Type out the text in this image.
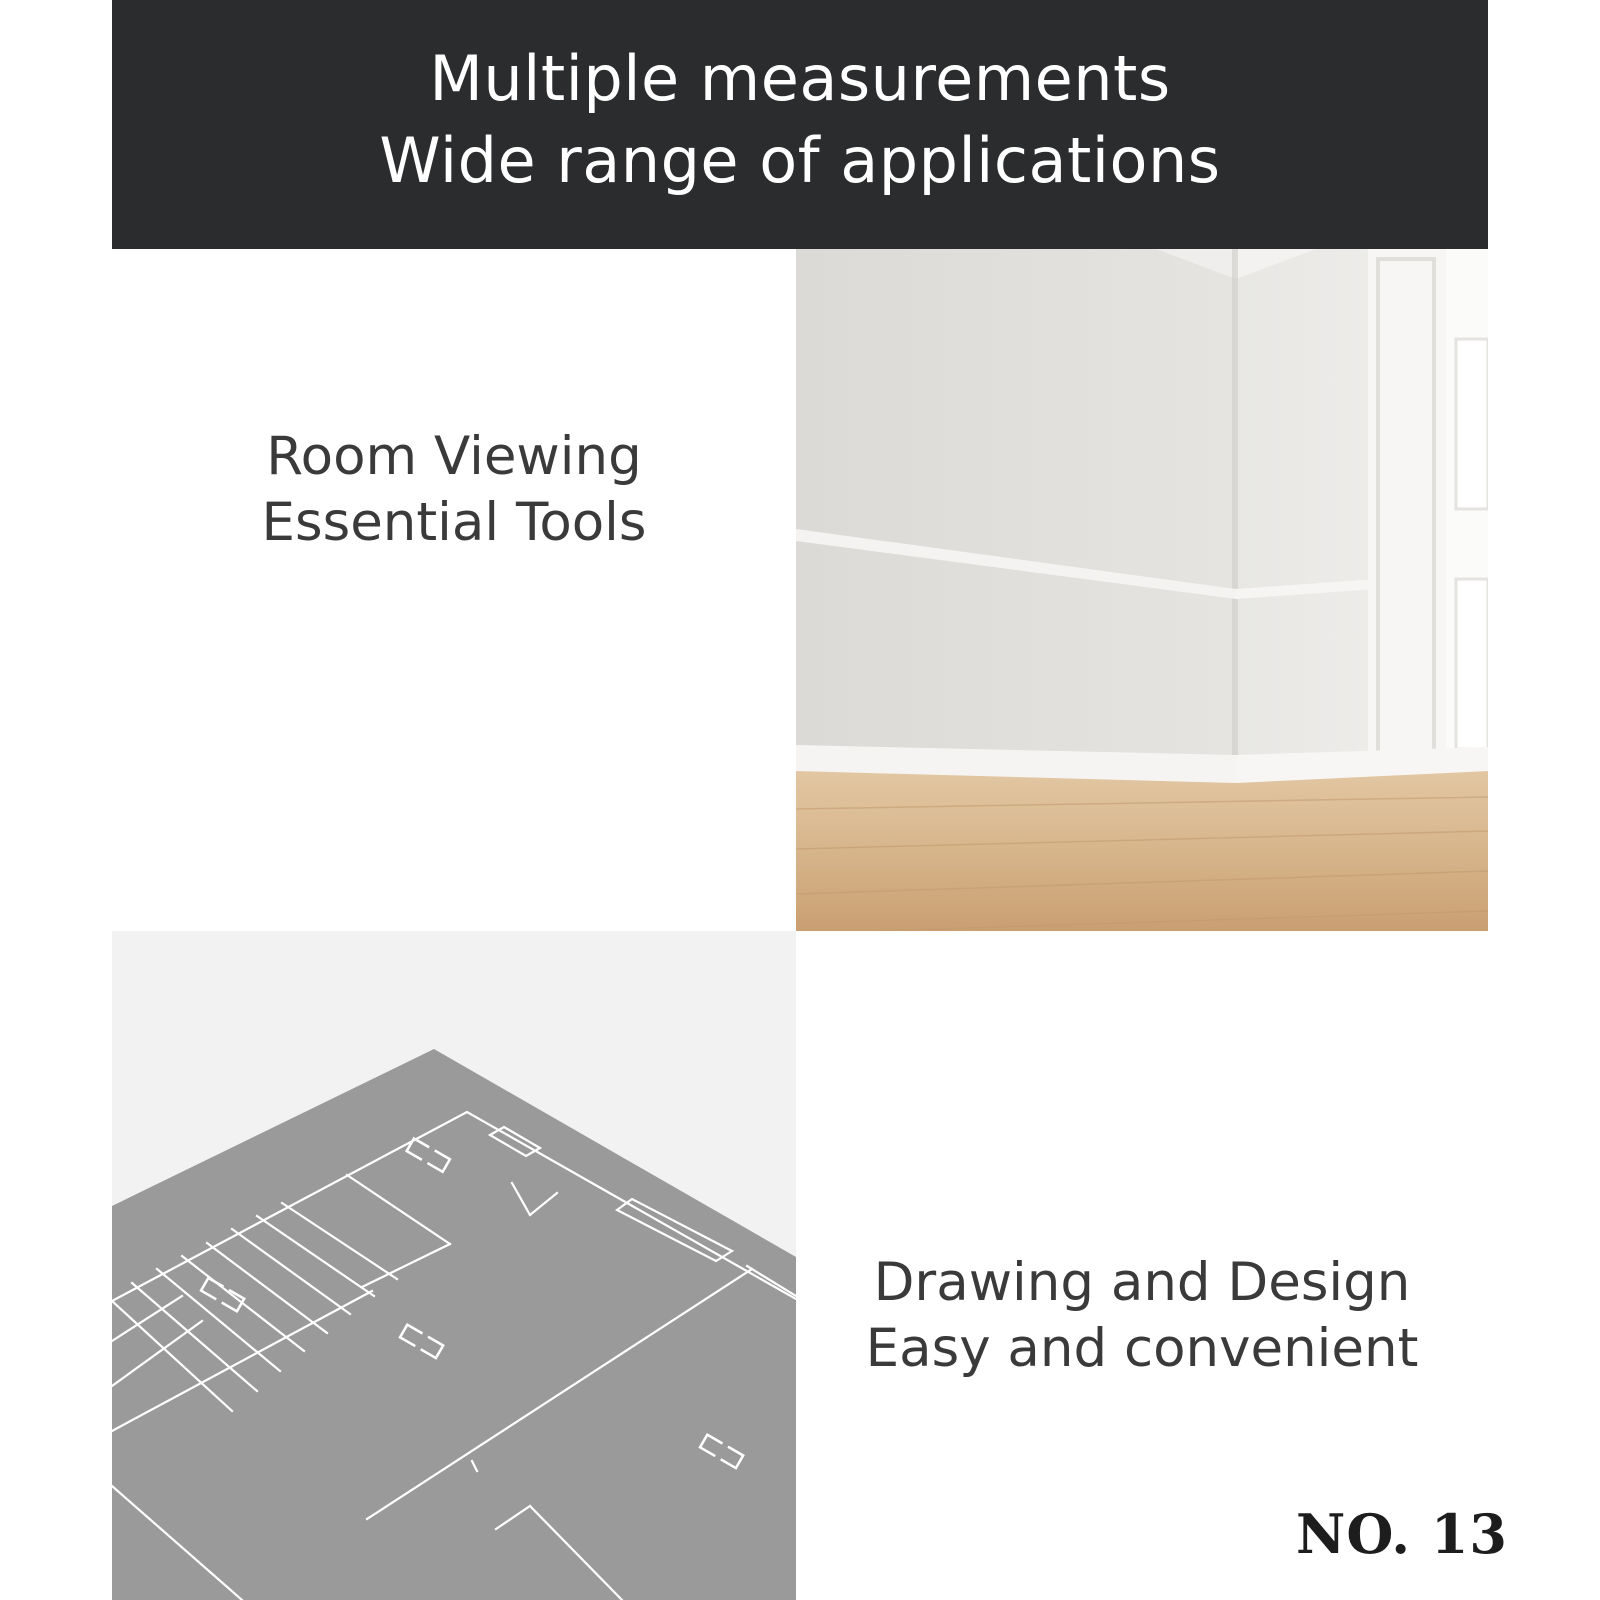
Multiple measurements
Wide range of applications
Room Viewing
Essential Tools
⊏⊐
⊏⊐
⊏⊐
⊏⊐	Drawing and Design
Easy and convenient
NO. 13
